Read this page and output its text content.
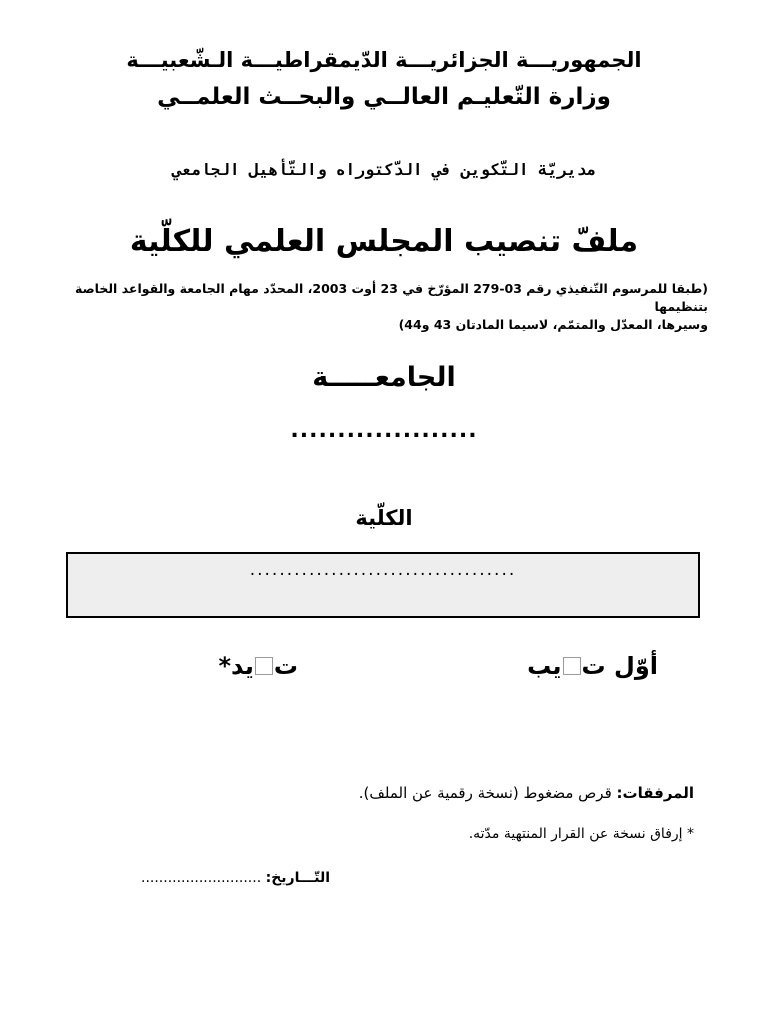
الجمهوريـــة الجزائريـــة الدّيمقراطيـــة الـشّعبيـــة
وزارة التّعليـم العالــي والبحــث العلمــي
مديريّة التّكوين في الدّكتوراه والتّأهيل الجامعي
ملفّ تنصيب المجلس العلمي للكلّية
(طبقا للمرسوم التّنفيذي رقم 03-279 المؤرّخ في 23 أوت 2003، المحدّد مهام الجامعة والقواعد الخاصة بتنظيمها
وسيرها، المعدّل والمتمّم، لاسيما المادتان 43 و44)
الجامعـــــة
....................
الكلّية
....................................
أوّل ت
يب
ت
يد*
المرفقات: قرص مضغوط (نسخة رقمية عن الملف).
* إرفاق نسخة عن القرار المنتهية مدّته.
التّـــاريخ: ...........................
